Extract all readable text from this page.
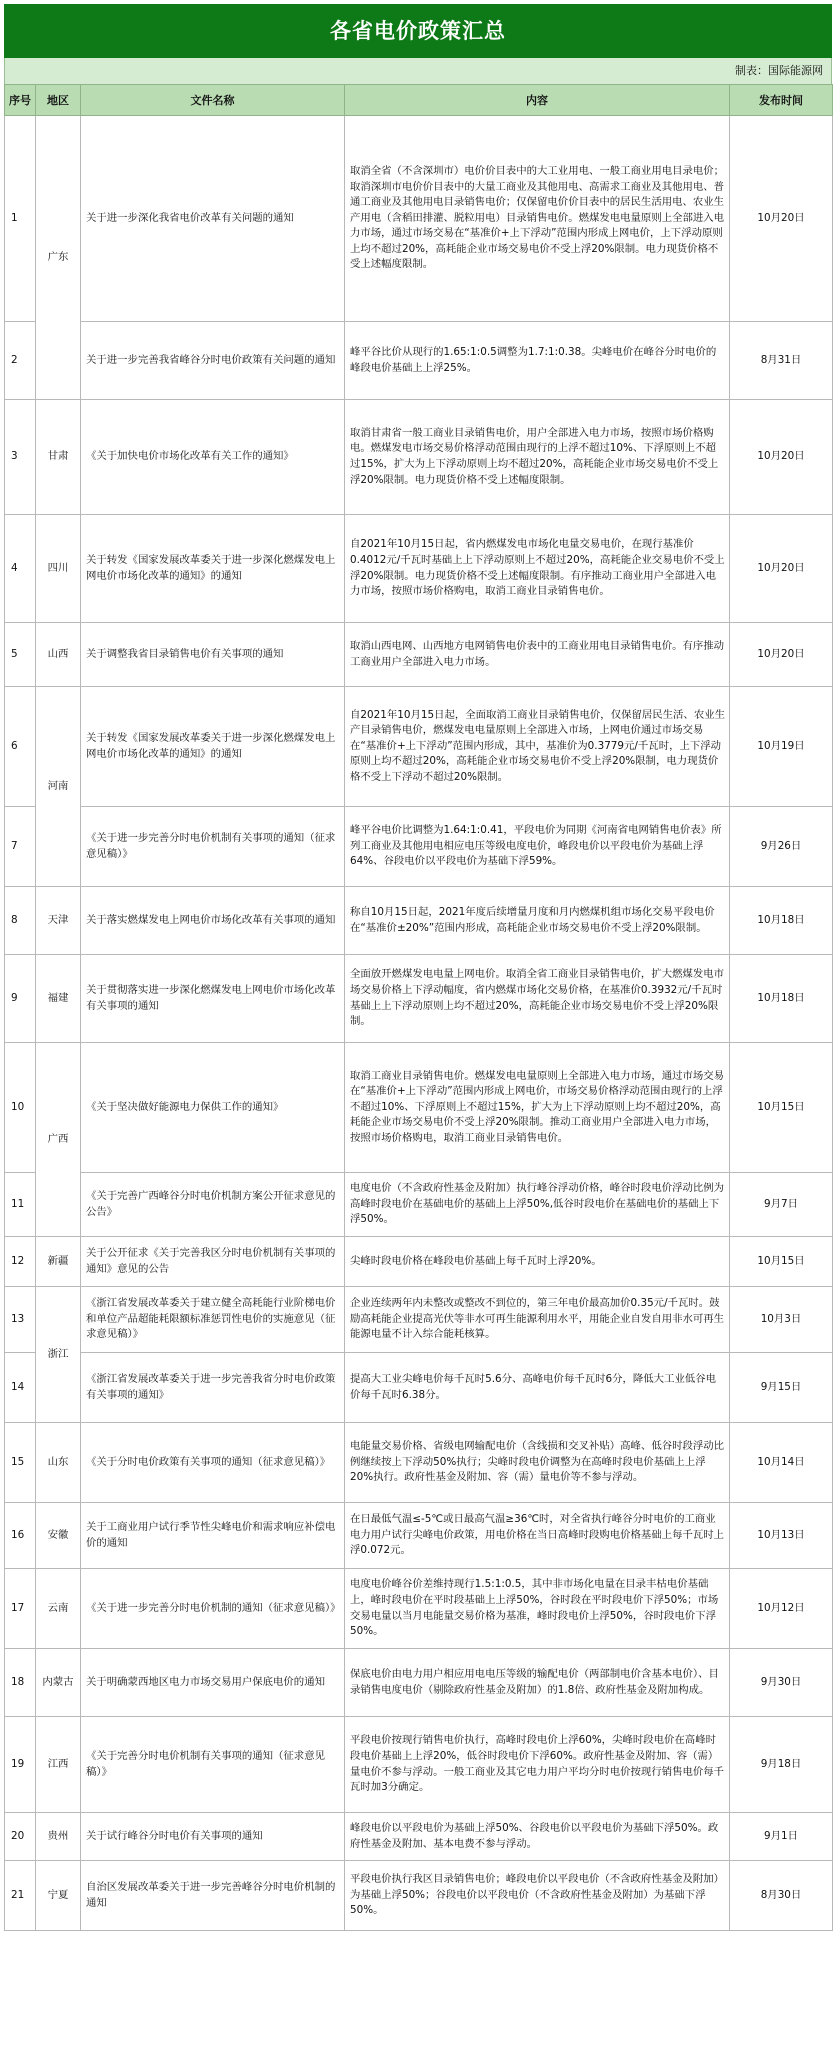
各省电价政策汇总
制表：国际能源网
序号	地区	文件名称	内容	发布时间
1	广东	关于进一步深化我省电价改革有关问题的通知	取消全省（不含深圳市）电价价目表中的大工业用电、一般工商业用电目录电价；取消深圳市电价价目表中的大量工商业及其他用电、高需求工商业及其他用电、普通工商业及其他用电目录销售电价；仅保留电价价目表中的居民生活用电、农业生产用电（含稻田排灌、脱粒用电）目录销售电价。燃煤发电电量原则上全部进入电力市场，通过市场交易在“基准价+上下浮动”范围内形成上网电价，上下浮动原则上均不超过20%，高耗能企业市场交易电价不受上浮20%限制。电力现货价格不受上述幅度限制。	10月20日
2		关于进一步完善我省峰谷分时电价政策有关问题的通知	峰平谷比价从现行的1.65:1:0.5调整为1.7:1:0.38。尖峰电价在峰谷分时电价的峰段电价基础上上浮25%。	8月31日
3	甘肃	《关于加快电价市场化改革有关工作的通知》	取消甘肃省一般工商业目录销售电价，用户全部进入电力市场，按照市场价格购电。燃煤发电市场交易价格浮动范围由现行的上浮不超过10%、下浮原则上不超过15%，扩大为上下浮动原则上均不超过20%，高耗能企业市场交易电价不受上浮20%限制。电力现货价格不受上述幅度限制。	10月20日
4	四川	关于转发《国家发展改革委关于进一步深化燃煤发电上网电价市场化改革的通知》的通知	自2021年10月15日起，省内燃煤发电市场化电量交易电价，在现行基准价0.4012元/千瓦时基础上上下浮动原则上不超过20%，高耗能企业交易电价不受上浮20%限制。电力现货价格不受上述幅度限制。有序推动工商业用户全部进入电力市场，按照市场价格购电，取消工商业目录销售电价。	10月20日
5	山西	关于调整我省目录销售电价有关事项的通知	取消山西电网、山西地方电网销售电价表中的工商业用电目录销售电价。有序推动工商业用户全部进入电力市场。	10月20日
6	河南	关于转发《国家发展改革委关于进一步深化燃煤发电上网电价市场化改革的通知》的通知	自2021年10月15日起，全面取消工商业目录销售电价，仅保留居民生活、农业生产目录销售电价，燃煤发电电量原则上全部进入市场，上网电价通过市场交易在“基准价+上下浮动”范围内形成，其中，基准价为0.3779元/千瓦时，上下浮动原则上均不超过20%，高耗能企业市场交易电价不受上浮20%限制，电力现货价格不受上下浮动不超过20%限制。	10月19日
7		《关于进一步完善分时电价机制有关事项的通知（征求意见稿）》	峰平谷电价比调整为1.64:1:0.41，平段电价为同期《河南省电网销售电价表》所列工商业及其他用电相应电压等级电度电价，峰段电价以平段电价为基础上浮64%、谷段电价以平段电价为基础下浮59%。	9月26日
8	天津	关于落实燃煤发电上网电价市场化改革有关事项的通知	称自10月15日起，2021年度后续增量月度和月内燃煤机组市场化交易平段电价在“基准价±20%”范围内形成，高耗能企业市场交易电价不受上浮20%限制。	10月18日
9	福建	关于贯彻落实进一步深化燃煤发电上网电价市场化改革有关事项的通知	全面放开燃煤发电电量上网电价。取消全省工商业目录销售电价，扩大燃煤发电市场交易价格上下浮动幅度，省内燃煤市场化交易价格，在基准价0.3932元/千瓦时基础上上下浮动原则上均不超过20%，高耗能企业市场交易电价不受上浮20%限制。	10月18日
10	广西	《关于坚决做好能源电力保供工作的通知》	取消工商业目录销售电价。燃煤发电电量原则上全部进入电力市场，通过市场交易在“基准价+上下浮动”范围内形成上网电价，市场交易价格浮动范围由现行的上浮不超过10%、下浮原则上不超过15%，扩大为上下浮动原则上均不超过20%，高耗能企业市场交易电价不受上浮20%限制。推动工商业用户全部进入电力市场，按照市场价格购电，取消工商业目录销售电价。	10月15日
11		《关于完善广西峰谷分时电价机制方案公开征求意见的公告》	电度电价（不含政府性基金及附加）执行峰谷浮动价格，峰谷时段电价浮动比例为高峰时段电价在基础电价的基础上上浮50%,低谷时段电价在基础电价的基础上下浮50%。	9月7日
12	新疆	关于公开征求《关于完善我区分时电价机制有关事项的通知》意见的公告	尖峰时段电价格在峰段电价基础上每千瓦时上浮20%。	10月15日
13	浙江	《浙江省发展改革委关于建立健全高耗能行业阶梯电价和单位产品超能耗限额标准惩罚性电价的实施意见（征求意见稿）》	企业连续两年内未整改或整改不到位的，第三年电价最高加价0.35元/千瓦时。鼓励高耗能企业提高光伏等非水可再生能源利用水平，用能企业自发自用非水可再生能源电量不计入综合能耗核算。	10月3日
14		《浙江省发展改革委关于进一步完善我省分时电价政策有关事项的通知》	提高大工业尖峰电价每千瓦时5.6分、高峰电价每千瓦时6分，降低大工业低谷电价每千瓦时6.38分。	9月15日
15	山东	《关于分时电价政策有关事项的通知（征求意见稿）》	电能量交易价格、省级电网输配电价（含线损和交叉补贴）高峰、低谷时段浮动比例继续按上下浮动50%执行；尖峰时段电价调整为在高峰时段电价基础上上浮20%执行。政府性基金及附加、容（需）量电价等不参与浮动。	10月14日
16	安徽	关于工商业用户试行季节性尖峰电价和需求响应补偿电价的通知	在日最低气温≤-5℃或日最高气温≥36℃时，对全省执行峰谷分时电价的工商业电力用户试行尖峰电价政策，用电价格在当日高峰时段购电价格基础上每千瓦时上浮0.072元。	10月13日
17	云南	《关于进一步完善分时电价机制的通知（征求意见稿）》	电度电价峰谷价差维持现行1.5:1:0.5，其中非市场化电量在目录丰枯电价基础上，峰时段电价在平时段基础上上浮50%，谷时段在平时段电价下浮50%；市场交易电量以当月电能量交易价格为基准，峰时段电价上浮50%，谷时段电价下浮50%。	10月12日
18	内蒙古	关于明确蒙西地区电力市场交易用户保底电价的通知	保底电价由电力用户相应用电电压等级的输配电价（两部制电价含基本电价）、目录销售电度电价（剔除政府性基金及附加）的1.8倍、政府性基金及附加构成。	9月30日
19	江西	《关于完善分时电价机制有关事项的通知（征求意见稿）》	平段电价按现行销售电价执行，高峰时段电价上浮60%，尖峰时段电价在高峰时段电价基础上上浮20%，低谷时段电价下浮60%。政府性基金及附加、容（需）量电价不参与浮动。一般工商业及其它电力用户平均分时电价按现行销售电价每千瓦时加3分确定。	9月18日
20	贵州	关于试行峰谷分时电价有关事项的通知	峰段电价以平段电价为基础上浮50%、谷段电价以平段电价为基础下浮50%。政府性基金及附加、基本电费不参与浮动。	9月1日
21	宁夏	自治区发展改革委关于进一步完善峰谷分时电价机制的通知	平段电价执行我区目录销售电价；峰段电价以平段电价（不含政府性基金及附加）为基础上浮50%；谷段电价以平段电价（不含政府性基金及附加）为基础下浮50%。	8月30日
